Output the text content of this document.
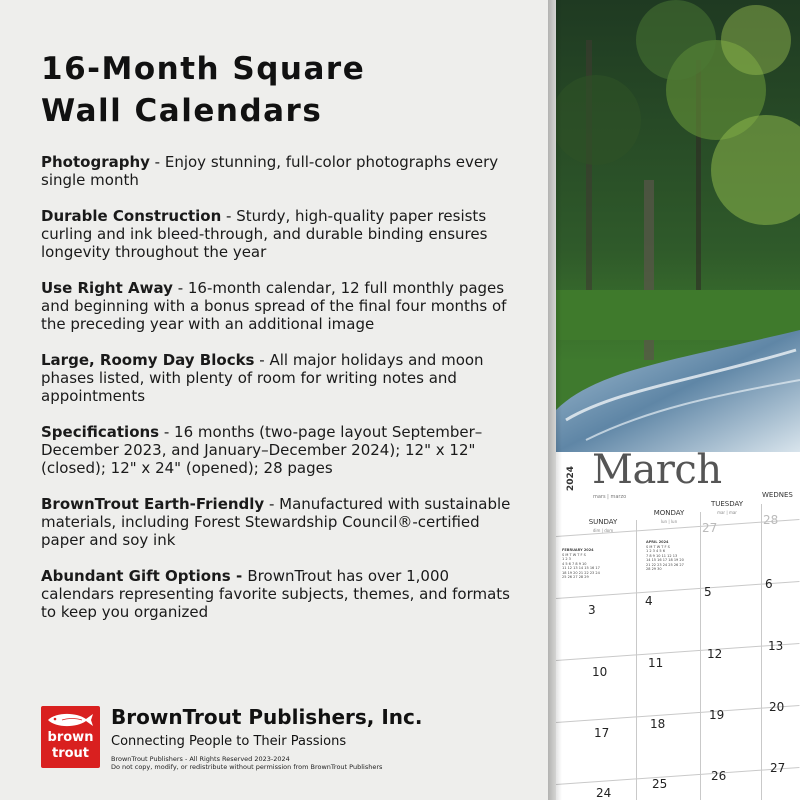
16-Month Square
Wall Calendars

Photography - Enjoy stunning, full-color photographs every single month

Durable Construction - Sturdy, high-quality paper resists curling and ink bleed-through, and durable binding ensures longevity throughout the year

Use Right Away - 16-month calendar, 12 full monthly pages and beginning with a bonus spread of the final four months of the preceding year with an additional image

Large, Roomy Day Blocks - All major holidays and moon phases listed, with plenty of room for writing notes and appointments

Specifications - 16 months (two-page layout September–December 2023, and January–December 2024); 12" x 12" (closed); 12" x 24" (opened); 28 pages

BrownTrout Earth-Friendly - Manufactured with sustainable materials, including Forest Stewardship Council®-certified paper and soy ink

Abundant Gift Options - BrownTrout has over 1,000 calendars representing favorite subjects, themes, and formats to keep you organized

brown
trout
BrownTrout Publishers, Inc.
Connecting People to Their Passions
BrownTrout Publishers - All Rights Reserved 2023-2024
Do not copy, modify, or redistribute without permission from BrownTrout Publishers
2024 March
mars | marzo
SUNDAY
dim | dom
MONDAY
lun | lun
TUESDAY
mar | mar
WEDNES
FEBRUARY 2024
S M T W T F S
1 2 3
4 5 6 7 8 9 10
11 12 13 14 15 16 17
18 19 20 21 22 23 24
25 26 27 28 29
APRIL 2024
S M T W T F S
1 2 3 4 5 6
7 8 9 10 11 12 13
14 15 16 17 18 19 20
21 22 23 24 25 26 27
28 29 30
27
28
3
4
5
6
10
11
12
13
17
18
19
20
24
25
26
27
